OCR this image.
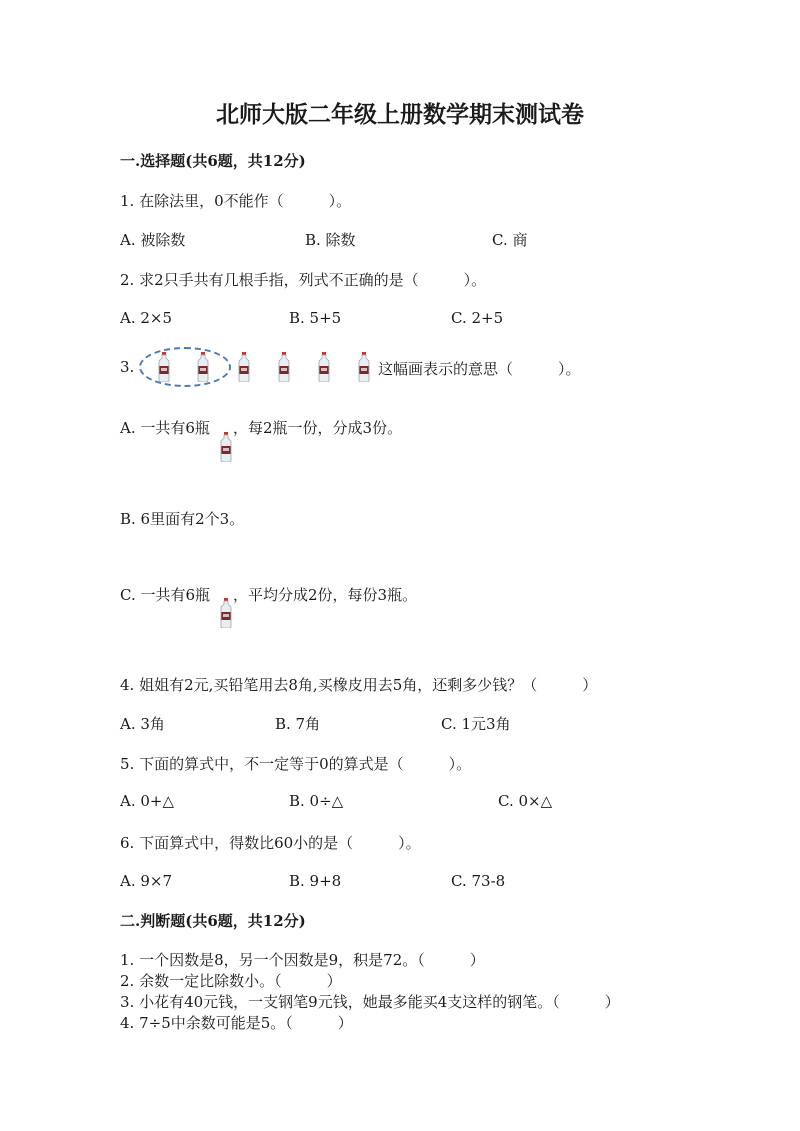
北师大版二年级上册数学期末测试卷
一.选择题(共6题，共12分)
1. 在除法里，0不能作（　　　）。
A. 被除数	B. 除数	C. 商
2. 求2只手共有几根手指，列式不正确的是（　　　）。
A. 2×5	B. 5+5	C. 2+5
3.	这幅画表示的意思（　　　）。
A. 一共有6瓶 ，每2瓶一份，分成3份。
B. 6里面有2个3。
C. 一共有6瓶 ，平均分成2份，每份3瓶。
4. 姐姐有2元,买铅笔用去8角,买橡皮用去5角，还剩多少钱？（　　　）
A. 3角	B. 7角	C. 1元3角
5. 下面的算式中，不一定等于0的算式是（　　　）。
A. 0+△	B. 0÷△	C. 0×△
6. 下面算式中，得数比60小的是（　　　）。
A. 9×7	B. 9+8	C. 73-8
二.判断题(共6题，共12分)
1. 一个因数是8，另一个因数是9，积是72。（　　　）
2. 余数一定比除数小。（　　　）
3. 小花有40元钱，一支钢笔9元钱，她最多能买4支这样的钢笔。（　　　）
4. 7÷5中余数可能是5。（　　　）
